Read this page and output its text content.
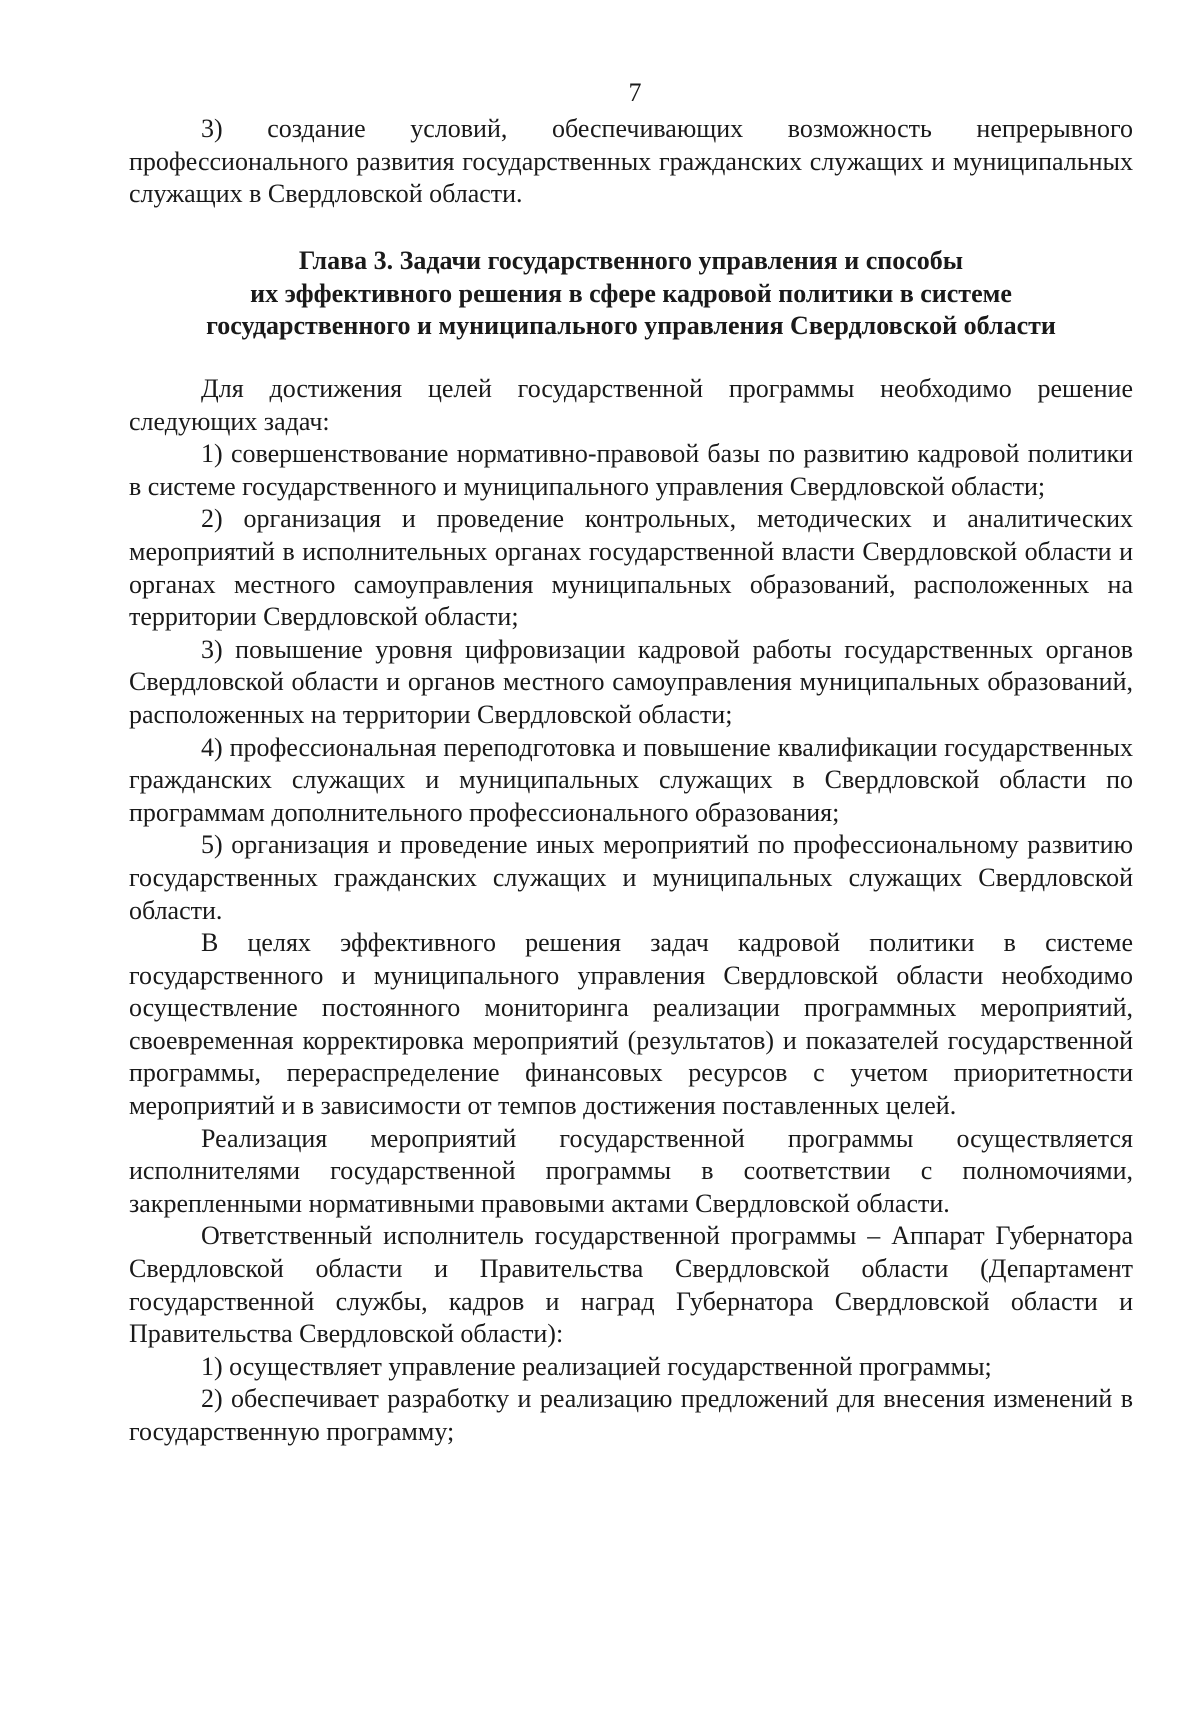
7

3) создание условий, обеспечивающих возможность непрерывного профессионального развития государственных гражданских служащих и муниципальных служащих в Свердловской области.

Глава 3. Задачи государственного управления и способы
их эффективного решения в сфере кадровой политики в системе
государственного и муниципального управления Свердловской области

Для достижения целей государственной программы необходимо решение следующих задач:

1) совершенствование нормативно-правовой базы по развитию кадровой политики в системе государственного и муниципального управления Свердловской области;

2) организация и проведение контрольных, методических и аналитических мероприятий в исполнительных органах государственной власти Свердловской области и органах местного самоуправления муниципальных образований, расположенных на территории Свердловской области;

3) повышение уровня цифровизации кадровой работы государственных органов Свердловской области и органов местного самоуправления муниципальных образований, расположенных на территории Свердловской области;

4) профессиональная переподготовка и повышение квалификации государственных гражданских служащих и муниципальных служащих в Свердловской области по программам дополнительного профессионального образования;

5) организация и проведение иных мероприятий по профессиональному развитию государственных гражданских служащих и муниципальных служащих Свердловской области.

В целях эффективного решения задач кадровой политики в системе государственного и муниципального управления Свердловской области необходимо осуществление постоянного мониторинга реализации программных мероприятий, своевременная корректировка мероприятий (результатов) и показателей государственной программы, перераспределение финансовых ресурсов с учетом приоритетности мероприятий и в зависимости от темпов достижения поставленных целей.

Реализация мероприятий государственной программы осуществляется исполнителями государственной программы в соответствии с полномочиями, закрепленными нормативными правовыми актами Свердловской области.

Ответственный исполнитель государственной программы – Аппарат Губернатора Свердловской области и Правительства Свердловской области (Департамент государственной службы, кадров и наград Губернатора Свердловской области и Правительства Свердловской области):

1) осуществляет управление реализацией государственной программы;

2) обеспечивает разработку и реализацию предложений для внесения изменений в государственную программу;
